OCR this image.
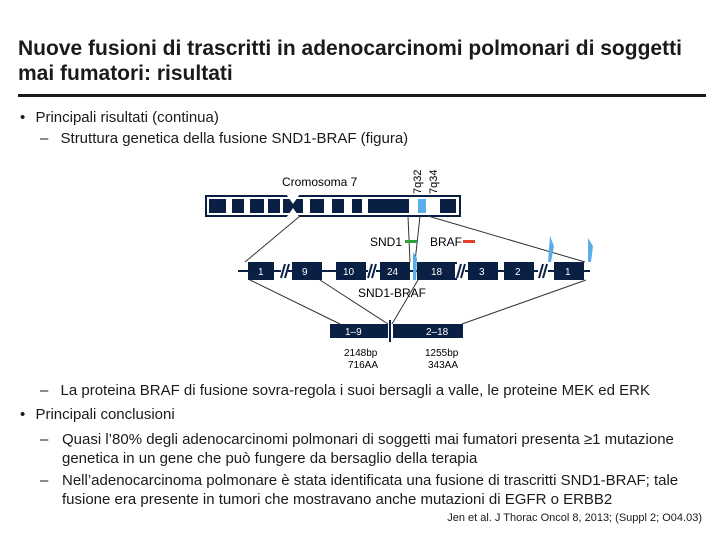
Nuove fusioni di trascritti in adenocarcinomi polmonari di soggetti mai fumatori: risultati
• Principali risultati (continua)
– Struttura genetica della fusione SND1-BRAF (figura)
Cromosoma 7	7q32 7q34
SND1 BRAF
1	9	10	24	18	3	2	1
SND1-BRAF
1–9	2–18
2148bp
716AA
1255bp
343AA
– La proteina BRAF di fusione sovra-regola i suoi bersagli a valle, le proteine MEK ed ERK
• Principali conclusioni
– Quasi l’80% degli adenocarcinomi polmonari di soggetti mai fumatori presenta ≥1 mutazione genetica in un gene che può fungere da bersaglio della terapia
– Nell’adenocarcinoma polmonare è stata identificata una fusione di trascritti SND1-BRAF; tale fusione era presente in tumori che mostravano anche mutazioni di EGFR o ERBB2
Jen et al. J Thorac Oncol 8, 2013; (Suppl 2; O04.03)
